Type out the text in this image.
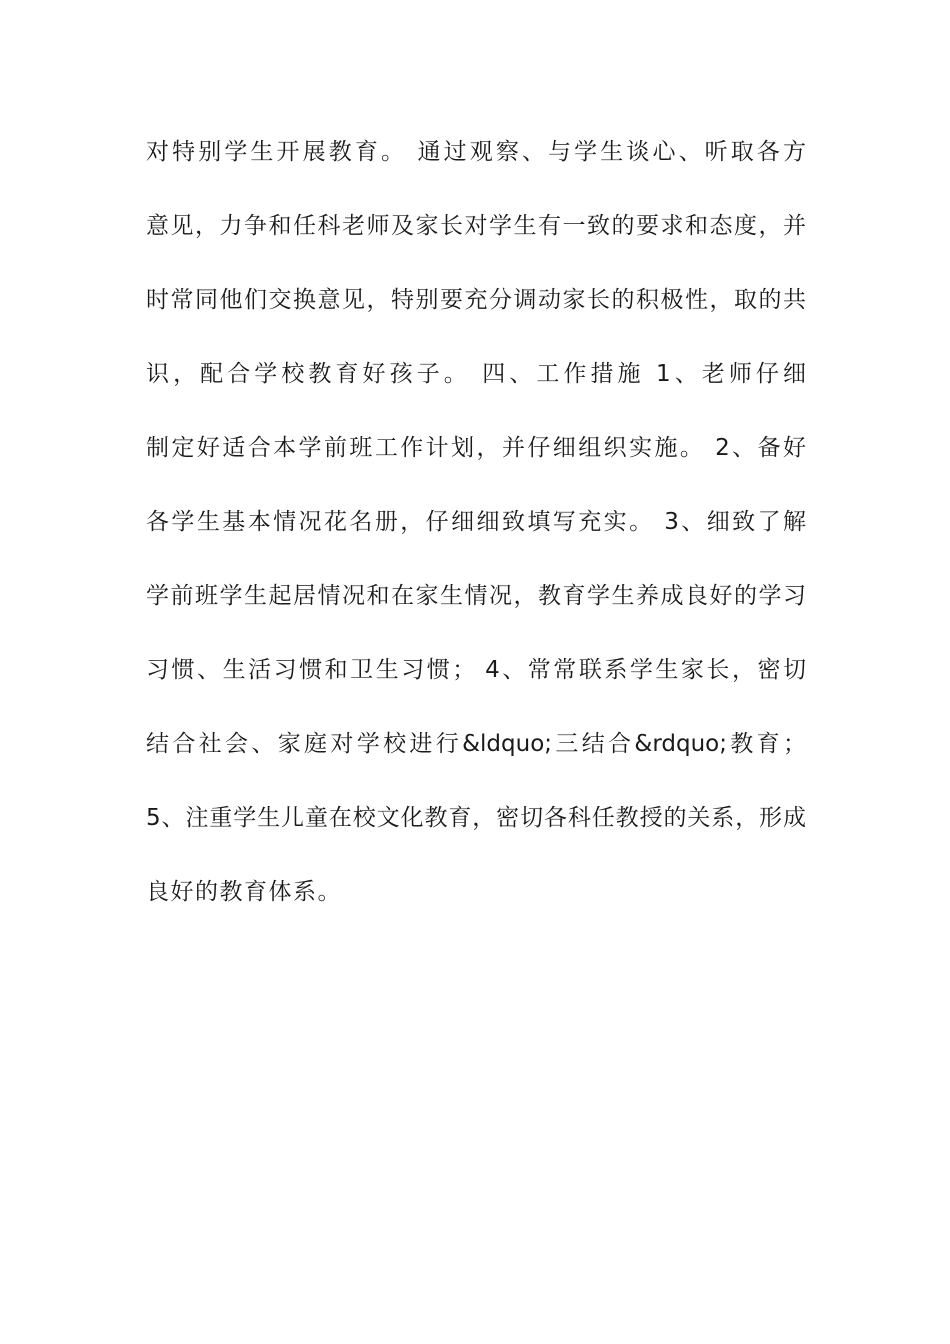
对特别学生开展教育。 通过观察、与学生谈心、听取各方
意见，力争和任科老师及家长对学生有一致的要求和态度，并
时常同他们交换意见，特别要充分调动家长的积极性，取的共
识，配合学校教育好孩子。 四、工作措施 1、老师仔细
制定好适合本学前班工作计划，并仔细组织实施。 2、备好
各学生基本情况花名册，仔细细致填写充实。 3、细致了解
学前班学生起居情况和在家生情况，教育学生养成良好的学习
习惯、生活习惯和卫生习惯； 4、常常联系学生家长，密切
结合社会、家庭对学校进行&ldquo;三结合&rdquo;教育；
5、注重学生儿童在校文化教育，密切各科任教授的关系，形成
良好的教育体系。
